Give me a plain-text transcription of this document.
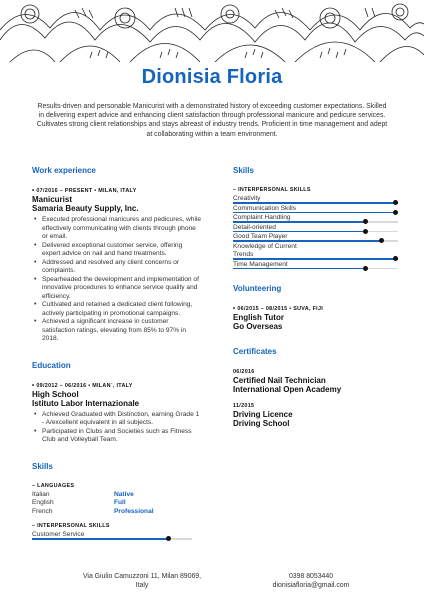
Dionisia Floria
Results-driven and personable Manicurist with a demonstrated history of exceeding customer expectations. Skilled in delivering expert advice and enhancing client satisfaction through professional manicure and pedicure services. Cultivates strong client relationships and stays abreast of industry trends. Proficient in time management and adept at collaborating within a team environment.
Work experience
• 07/2016 – PRESENT • MILAN, ITALY
Manicurist
Samaria Beauty Supply, Inc.
• Executed professional manicures and pedicures, while effectively communicating with clients through phone or email.
• Delivered exceptional customer service, offering expert advice on nail and hand treatments.
• Addressed and resolved any client concerns or complaints.
• Spearheaded the development and implementation of innovative procedures to enhance service quality and efficiency.
• Cultivated and retained a dedicated client following, actively participating in promotional campaigns.
• Achieved a significant increase in customer satisfaction ratings, elevating from 85% to 97% in 2018.
Education
• 09/2012 – 06/2016 • MILAN`, ITALY
High School
Istituto Labor Internazionale
• Achieved Graduated with Distinction, earning Grade 1 - A/excellent equivalent in all subjects.
• Participated in Clubs and Societies such as Fitness Club and Volleyball Team.
Skills
– LANGUAGES
Italian	Native
English	Full
French	Professional
– INTERPERSONAL SKILLS
Customer Service
Skills
– INTERPERSONAL SKILLS
Creativity
Communication Skills
Complaint Handling
Detail-oriented
Good Team Player
Knowledge of Current Trends
Time Management
Volunteering
• 06/2015 – 08/2015 • SUVA, FIJI
English Tutor
Go Overseas
Certificates
06/2016
Certified Nail Technician
International Open Academy
11/2015
Driving Licence
Driving School
Via Giulio Camuzzoni 11, Milan 89069,
Italy
0398 8053440
dionisiafloria@gmail.com
